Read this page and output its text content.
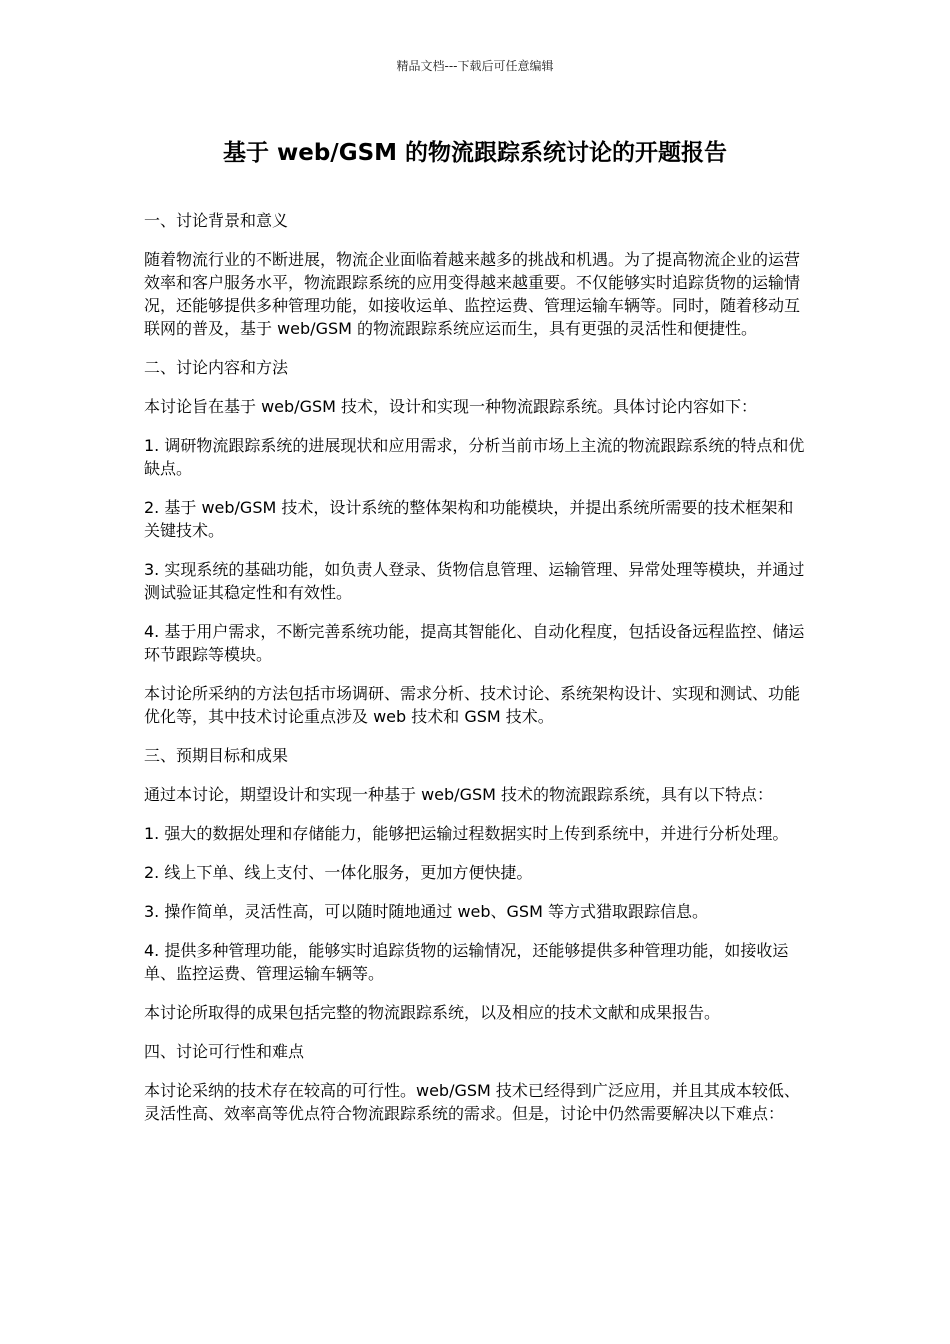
精品文档---下载后可任意编辑
基于 web/GSM 的物流跟踪系统讨论的开题报告

一、讨论背景和意义

随着物流行业的不断进展，物流企业面临着越来越多的挑战和机遇。为了提高物流企业的运营效率和客户服务水平，物流跟踪系统的应用变得越来越重要。不仅能够实时追踪货物的运输情况，还能够提供多种管理功能，如接收运单、监控运费、管理运输车辆等。同时，随着移动互联网的普及，基于 web/GSM 的物流跟踪系统应运而生，具有更强的灵活性和便捷性。

二、讨论内容和方法

本讨论旨在基于 web/GSM 技术，设计和实现一种物流跟踪系统。具体讨论内容如下：

1. 调研物流跟踪系统的进展现状和应用需求，分析当前市场上主流的物流跟踪系统的特点和优缺点。

2. 基于 web/GSM 技术，设计系统的整体架构和功能模块，并提出系统所需要的技术框架和关键技术。

3. 实现系统的基础功能，如负责人登录、货物信息管理、运输管理、异常处理等模块，并通过测试验证其稳定性和有效性。

4. 基于用户需求，不断完善系统功能，提高其智能化、自动化程度，包括设备远程监控、储运环节跟踪等模块。

本讨论所采纳的方法包括市场调研、需求分析、技术讨论、系统架构设计、实现和测试、功能优化等，其中技术讨论重点涉及 web 技术和 GSM 技术。

三、预期目标和成果

通过本讨论，期望设计和实现一种基于 web/GSM 技术的物流跟踪系统，具有以下特点：

1. 强大的数据处理和存储能力，能够把运输过程数据实时上传到系统中，并进行分析处理。

2. 线上下单、线上支付、一体化服务，更加方便快捷。

3. 操作简单，灵活性高，可以随时随地通过 web、GSM 等方式猎取跟踪信息。

4. 提供多种管理功能，能够实时追踪货物的运输情况，还能够提供多种管理功能，如接收运单、监控运费、管理运输车辆等。

本讨论所取得的成果包括完整的物流跟踪系统，以及相应的技术文献和成果报告。

四、讨论可行性和难点

本讨论采纳的技术存在较高的可行性。web/GSM 技术已经得到广泛应用，并且其成本较低、灵活性高、效率高等优点符合物流跟踪系统的需求。但是，讨论中仍然需要解决以下难点：
